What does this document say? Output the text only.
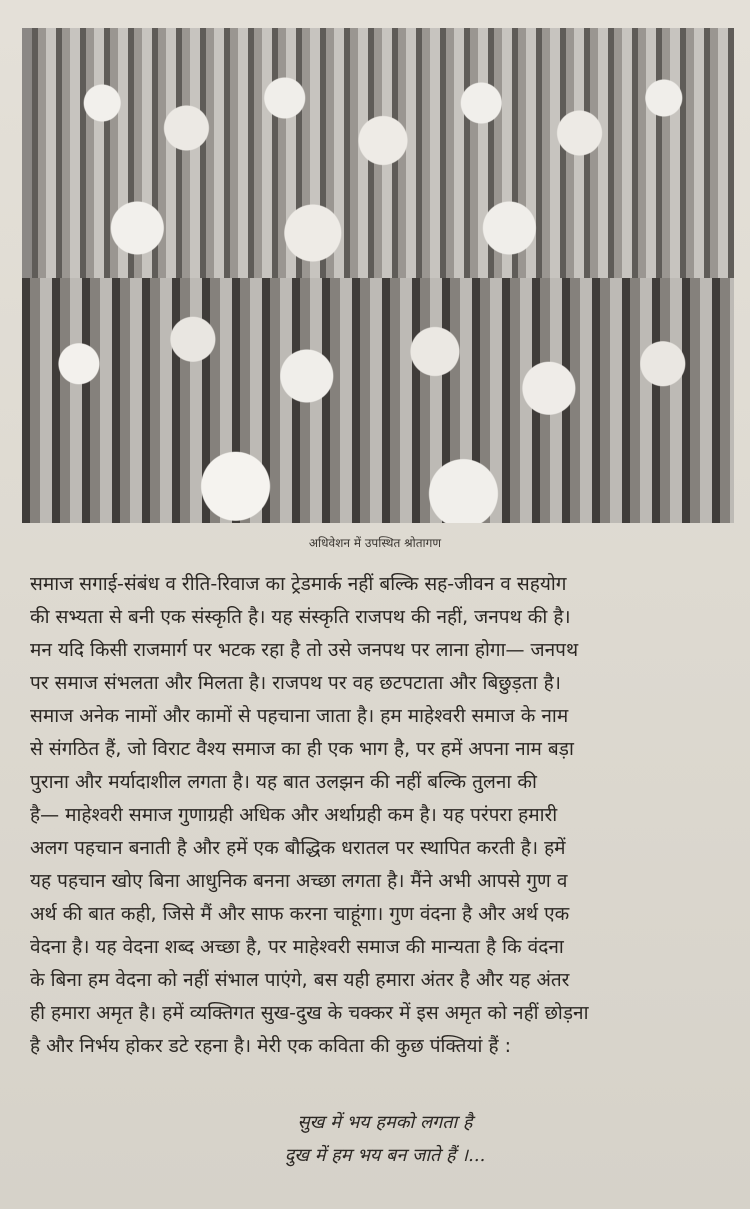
अधिवेशन में उपस्थित श्रोतागण
समाज सगाई-संबंध व रीति-रिवाज का ट्रेडमार्क नहीं बल्कि सह-जीवन व सहयोग
की सभ्यता से बनी एक संस्कृति है। यह संस्कृति राजपथ की नहीं, जनपथ की है।
मन यदि किसी राजमार्ग पर भटक रहा है तो उसे जनपथ पर लाना होगा— जनपथ
पर समाज संभलता और मिलता है। राजपथ पर वह छटपटाता और बिछुड़ता है।
समाज अनेक नामों और कामों से पहचाना जाता है। हम माहेश्वरी समाज के नाम
से संगठित हैं, जो विराट वैश्य समाज का ही एक भाग है, पर हमें अपना नाम बड़ा
पुराना और मर्यादाशील लगता है। यह बात उलझन की नहीं बल्कि तुलना की
है— माहेश्वरी समाज गुणाग्रही अधिक और अर्थाग्रही कम है। यह परंपरा हमारी
अलग पहचान बनाती है और हमें एक बौद्धिक धरातल पर स्थापित करती है। हमें
यह पहचान खोए बिना आधुनिक बनना अच्छा लगता है। मैंने अभी आपसे गुण व
अर्थ की बात कही, जिसे मैं और साफ करना चाहूंगा। गुण वंदना है और अर्थ एक
वेदना है। यह वेदना शब्द अच्छा है, पर माहेश्वरी समाज की मान्यता है कि वंदना
के बिना हम वेदना को नहीं संभाल पाएंगे, बस यही हमारा अंतर है और यह अंतर
ही हमारा अमृत है। हमें व्यक्तिगत सुख-दुख के चक्कर में इस अमृत को नहीं छोड़ना
है और निर्भय होकर डटे रहना है। मेरी एक कविता की कुछ पंक्तियां हैं :
सुख में भय हमको लगता है
दुख में हम भय बन जाते हैं ।...
